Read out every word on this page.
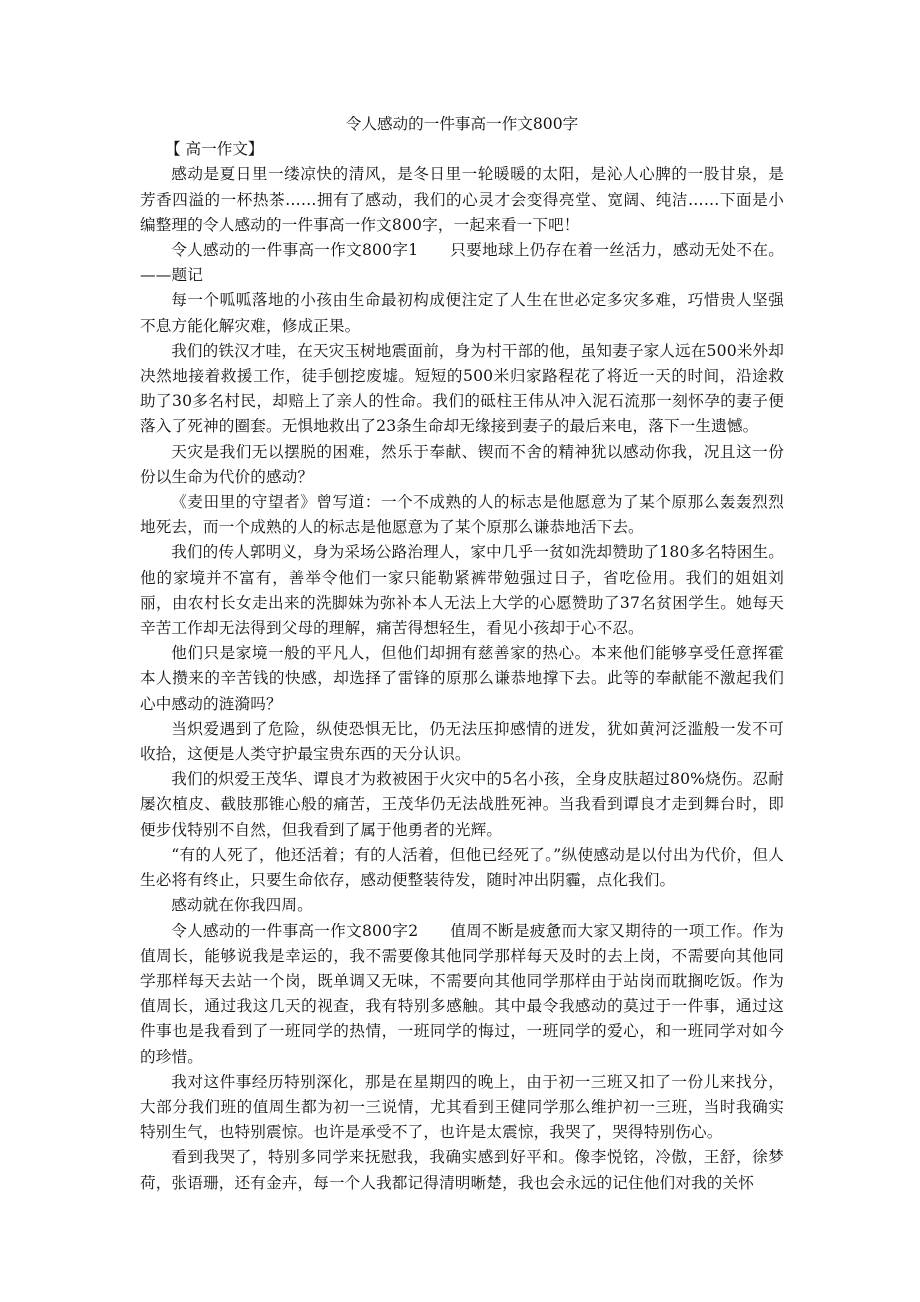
令人感动的一件事高一作文800字
【 高一作文】

感动是夏日里一缕凉快的清风，是冬日里一轮暖暖的太阳，是沁人心脾的一股甘泉，是芳香四溢的一杯热茶……拥有了感动，我们的心灵才会变得亮堂、宽阔、纯洁……下面是小编整理的令人感动的一件事高一作文800字，一起来看一下吧！

令人感动的一件事高一作文800字1　　只要地球上仍存在着一丝活力，感动无处不在。——题记

每一个呱呱落地的小孩由生命最初构成便注定了人生在世必定多灾多难，巧惜贵人坚强不息方能化解灾难，修成正果。

我们的铁汉才哇，在天灾玉树地震面前，身为村干部的他，虽知妻子家人远在500米外却决然地接着救援工作，徒手刨挖废墟。短短的500米归家路程花了将近一天的时间，沿途救助了30多名村民，却赔上了亲人的性命。我们的砥柱王伟从冲入泥石流那一刻怀孕的妻子便落入了死神的圈套。无惧地救出了23条生命却无缘接到妻子的最后来电，落下一生遗憾。

天灾是我们无以摆脱的困难，然乐于奉献、锲而不舍的精神犹以感动你我，况且这一份份以生命为代价的感动？

《麦田里的守望者》曾写道：一个不成熟的人的标志是他愿意为了某个原那么轰轰烈烈地死去，而一个成熟的人的标志是他愿意为了某个原那么谦恭地活下去。

我们的传人郭明义，身为采场公路治理人，家中几乎一贫如洗却赞助了180多名特困生。他的家境并不富有，善举令他们一家只能勒紧裤带勉强过日子，省吃俭用。我们的姐姐刘丽，由农村长女走出来的洗脚妹为弥补本人无法上大学的心愿赞助了37名贫困学生。她每天辛苦工作却无法得到父母的理解，痛苦得想轻生，看见小孩却于心不忍。

他们只是家境一般的平凡人，但他们却拥有慈善家的热心。本来他们能够享受任意挥霍本人攒来的辛苦钱的快感，却选择了雷锋的原那么谦恭地撑下去。此等的奉献能不激起我们心中感动的涟漪吗？

当炽爱遇到了危险，纵使恐惧无比，仍无法压抑感情的迸发，犹如黄河泛滥般一发不可收拾，这便是人类守护最宝贵东西的天分认识。

我们的炽爱王茂华、谭良才为救被困于火灾中的5名小孩，全身皮肤超过80%烧伤。忍耐屡次植皮、截肢那锥心般的痛苦，王茂华仍无法战胜死神。当我看到谭良才走到舞台时，即便步伐特别不自然，但我看到了属于他勇者的光辉。

“有的人死了，他还活着；有的人活着，但他已经死了。”纵使感动是以付出为代价，但人生必将有终止，只要生命依存，感动便整装待发，随时冲出阴霾，点化我们。

感动就在你我四周。

令人感动的一件事高一作文800字2　　值周不断是疲惫而大家又期待的一项工作。作为值周长，能够说我是幸运的，我不需要像其他同学那样每天及时的去上岗，不需要向其他同学那样每天去站一个岗，既单调又无味，不需要向其他同学那样由于站岗而耽搁吃饭。作为值周长，通过我这几天的视查，我有特别多感触。其中最令我感动的莫过于一件事，通过这件事也是我看到了一班同学的热情，一班同学的悔过，一班同学的爱心，和一班同学对如今的珍惜。

我对这件事经历特别深化，那是在星期四的晚上，由于初一三班又扣了一份儿来找分，大部分我们班的值周生都为初一三说情，尤其看到王健同学那么维护初一三班，当时我确实特别生气，也特别震惊。也许是承受不了，也许是太震惊，我哭了，哭得特别伤心。

看到我哭了，特别多同学来抚慰我，我确实感到好平和。像李悦铭，冷傲，王舒，徐梦荷，张语珊，还有金卉，每一个人我都记得清明晰楚，我也会永远的记住他们对我的关怀
